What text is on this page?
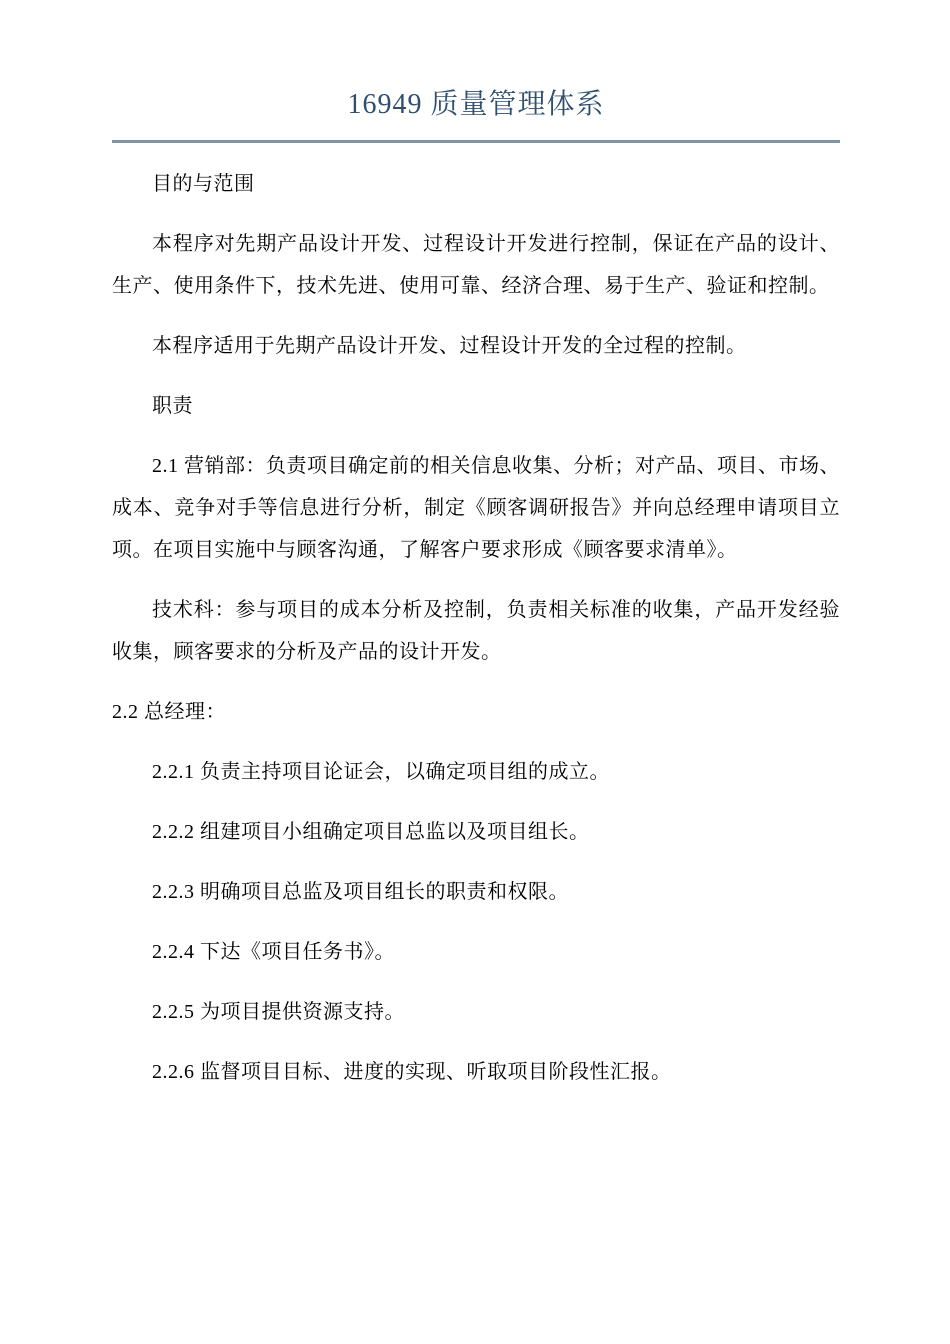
16949 质量管理体系

目的与范围

本程序对先期产品设计开发、过程设计开发进行控制，保证在产品的设计、生产、使用条件下，技术先进、使用可靠、经济合理、易于生产、验证和控制。

本程序适用于先期产品设计开发、过程设计开发的全过程的控制。

职责

2.1 营销部：负责项目确定前的相关信息收集、分析；对产品、项目、市场、成本、竞争对手等信息进行分析，制定《顾客调研报告》并向总经理申请项目立项。在项目实施中与顾客沟通，了解客户要求形成《顾客要求清单》。

技术科：参与项目的成本分析及控制，负责相关标准的收集，产品开发经验收集，顾客要求的分析及产品的设计开发。

2.2 总经理：

2.2.1 负责主持项目论证会，以确定项目组的成立。

2.2.2 组建项目小组确定项目总监以及项目组长。

2.2.3 明确项目总监及项目组长的职责和权限。

2.2.4 下达《项目任务书》。

2.2.5 为项目提供资源支持。

2.2.6 监督项目目标、进度的实现、听取项目阶段性汇报。
